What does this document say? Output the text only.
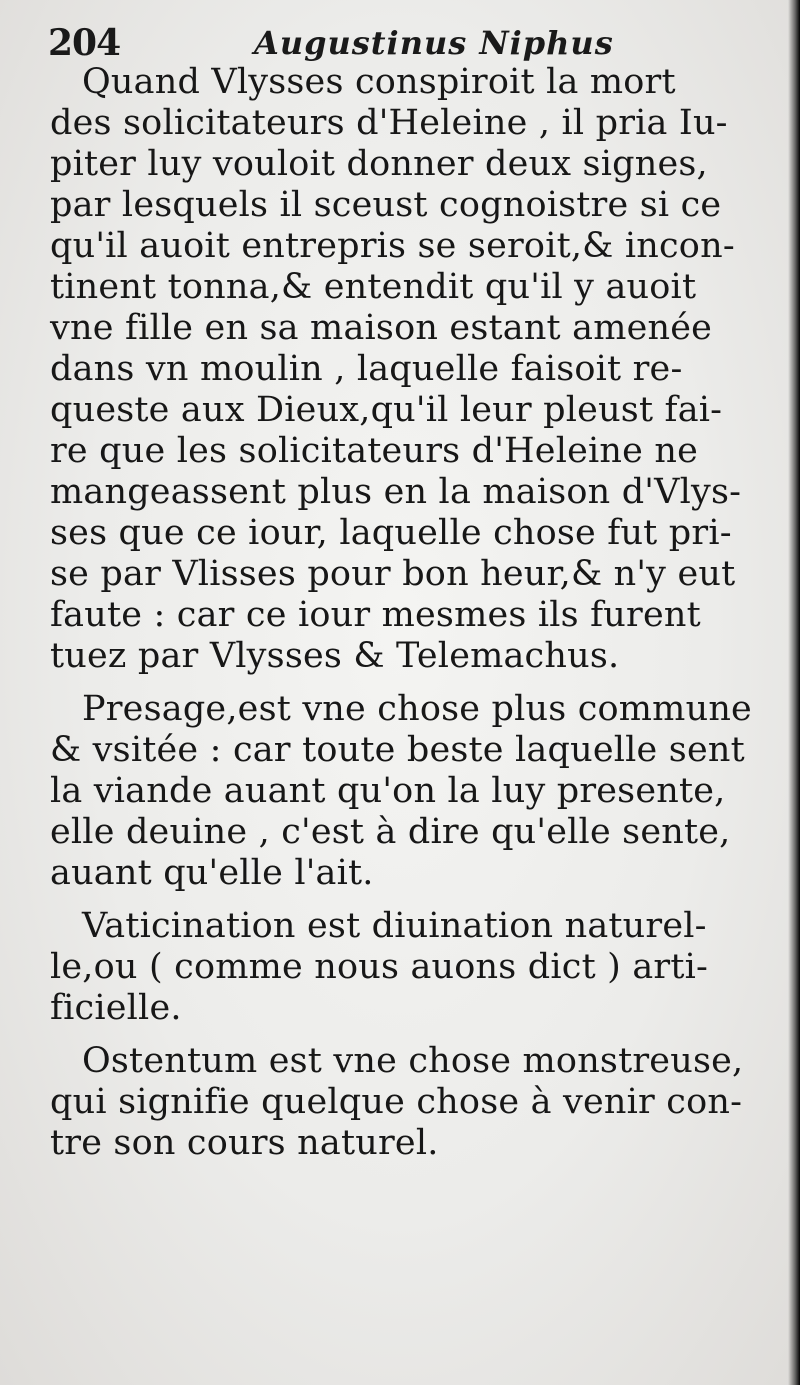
204	Augustinus Niphus
Quand Vlysses conspiroit la mort
des solicitateurs d'Heleine , il pria Iu-
piter luy vouloit donner deux signes,
par lesquels il sceust cognoistre si ce
qu'il auoit entrepris se seroit,& incon-
tinent tonna,& entendit qu'il y auoit
vne fille en sa maison estant amenée
dans vn moulin , laquelle faisoit re-
queste aux Dieux,qu'il leur pleust fai-
re que les solicitateurs d'Heleine ne
mangeassent plus en la maison d'Vlys-
ses que ce iour, laquelle chose fut pri-
se par Vlisses pour bon heur,& n'y eut
faute : car ce iour mesmes ils furent
tuez par Vlysses & Telemachus.
Presage,est vne chose plus commune
& vsitée : car toute beste laquelle sent
la viande auant qu'on la luy presente,
elle deuine , c'est à dire qu'elle sente,
auant qu'elle l'ait.
Vaticination est diuination naturel-
le,ou ( comme nous auons dict ) arti-
ficielle.
Ostentum est vne chose monstreuse,
qui signifie quelque chose à venir con-
tre son cours naturel.
